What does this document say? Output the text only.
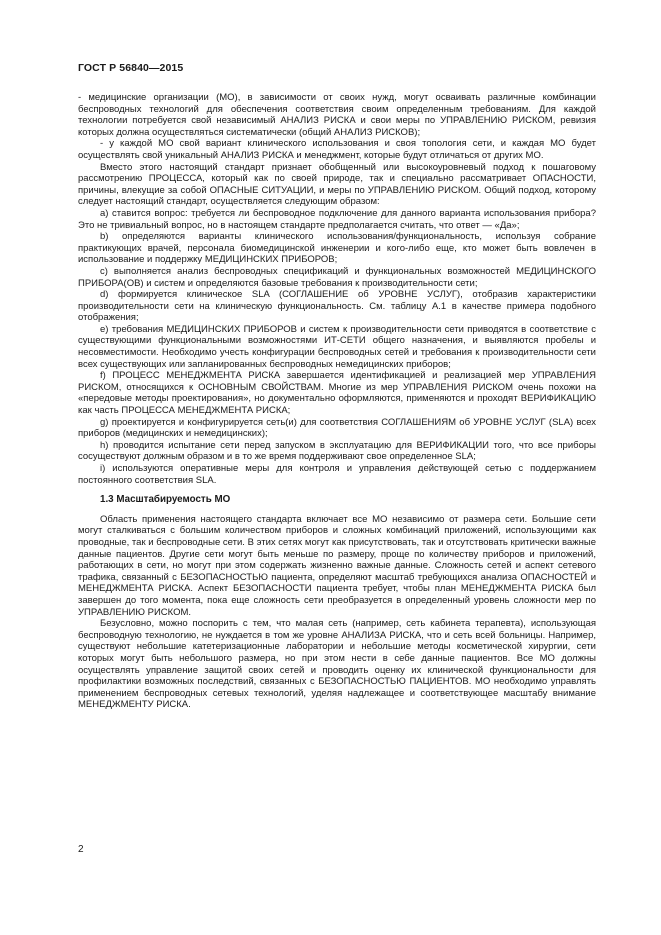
ГОСТ Р 56840—2015

- медицинские организации (МО), в зависимости от своих нужд, могут осваивать различные комбинации беспроводных технологий для обеспечения соответствия своим определенным требованиям. Для каждой технологии потребуется свой независимый АНАЛИЗ РИСКА и свои меры по УПРАВЛЕНИЮ РИСКОМ, ревизия которых должна осуществляться систематически (общий АНАЛИЗ РИСКОВ);

- у каждой МО свой вариант клинического использования и своя топология сети, и каждая МО будет осуществлять свой уникальный АНАЛИЗ РИСКА и менеджмент, которые будут отличаться от других МО.

Вместо этого настоящий стандарт признает обобщенный или высокоуровневый подход к пошаговому рассмотрению ПРОЦЕССА, который как по своей природе, так и специально рассматривает ОПАСНОСТИ, причины, влекущие за собой ОПАСНЫЕ СИТУАЦИИ, и меры по УПРАВЛЕНИЮ РИСКОМ. Общий подход, которому следует настоящий стандарт, осуществляется следующим образом:

a) ставится вопрос: требуется ли беспроводное подключение для данного варианта использования прибора? Это не тривиальный вопрос, но в настоящем стандарте предполагается считать, что ответ — «Да»;

b) определяются варианты клинического использования/функциональность, используя собрание практикующих врачей, персонала биомедицинской инженерии и кого-либо еще, кто может быть вовлечен в использование и поддержку МЕДИЦИНСКИХ ПРИБОРОВ;

c) выполняется анализ беспроводных спецификаций и функциональных возможностей МЕДИЦИНСКОГО ПРИБОРА(ОВ) и систем и определяются базовые требования к производительности сети;

d) формируется клиническое SLA (СОГЛАШЕНИЕ об УРОВНЕ УСЛУГ), отобразив характеристики производительности сети на клиническую функциональность. См. таблицу А.1 в качестве примера подобного отображения;

e) требования МЕДИЦИНСКИХ ПРИБОРОВ и систем к производительности сети приводятся в соответствие с существующими функциональными возможностями ИТ-СЕТИ общего назначения, и выявляются пробелы и несовместимости. Необходимо учесть конфигурации беспроводных сетей и требования к производительности сети всех существующих или запланированных беспроводных немедицинских приборов;

f) ПРОЦЕСС МЕНЕДЖМЕНТА РИСКА завершается идентификацией и реализацией мер УПРАВЛЕНИЯ РИСКОМ, относящихся к ОСНОВНЫМ СВОЙСТВАМ. Многие из мер УПРАВЛЕНИЯ РИСКОМ очень похожи на «передовые методы проектирования», но документально оформляются, применяются и проходят ВЕРИФИКАЦИЮ как часть ПРОЦЕССА МЕНЕДЖМЕНТА РИСКА;

g) проектируется и конфигурируется сеть(и) для соответствия СОГЛАШЕНИЯМ об УРОВНЕ УСЛУГ (SLA) всех приборов (медицинских и немедицинских);

h) проводится испытание сети перед запуском в эксплуатацию для ВЕРИФИКАЦИИ того, что все приборы сосуществуют должным образом и в то же время поддерживают свое определенное SLA;

i) используются оперативные меры для контроля и управления действующей сетью с поддержанием постоянного соответствия SLA.

1.3 Масштабируемость МО

Область применения настоящего стандарта включает все МО независимо от размера сети. Большие сети могут сталкиваться с большим количеством приборов и сложных комбинаций приложений, использующими как проводные, так и беспроводные сети. В этих сетях могут как присутствовать, так и отсутствовать критически важные данные пациентов. Другие сети могут быть меньше по размеру, проще по количеству приборов и приложений, работающих в сети, но могут при этом содержать жизненно важные данные. Сложность сетей и аспект сетевого трафика, связанный с БЕЗОПАСНОСТЬЮ пациента, определяют масштаб требующихся анализа ОПАСНОСТЕЙ и МЕНЕДЖМЕНТА РИСКА. Аспект БЕЗОПАСНОСТИ пациента требует, чтобы план МЕНЕДЖМЕНТА РИСКА был завершен до того момента, пока еще сложность сети преобразуется в определенный уровень сложности мер по УПРАВЛЕНИЮ РИСКОМ.

Безусловно, можно поспорить с тем, что малая сеть (например, сеть кабинета терапевта), использующая беспроводную технологию, не нуждается в том же уровне АНАЛИЗА РИСКА, что и сеть всей больницы. Например, существуют небольшие катетеризационные лаборатории и небольшие методы косметической хирургии, сети которых могут быть небольшого размера, но при этом нести в себе данные пациентов. Все МО должны осуществлять управление защитой своих сетей и проводить оценку их клинической функциональности для профилактики возможных последствий, связанных с БЕЗОПАСНОСТЬЮ ПАЦИЕНТОВ. МО необходимо управлять применением беспроводных сетевых технологий, уделяя надлежащее и соответствующее масштабу внимание МЕНЕДЖМЕНТУ РИСКА.

2
